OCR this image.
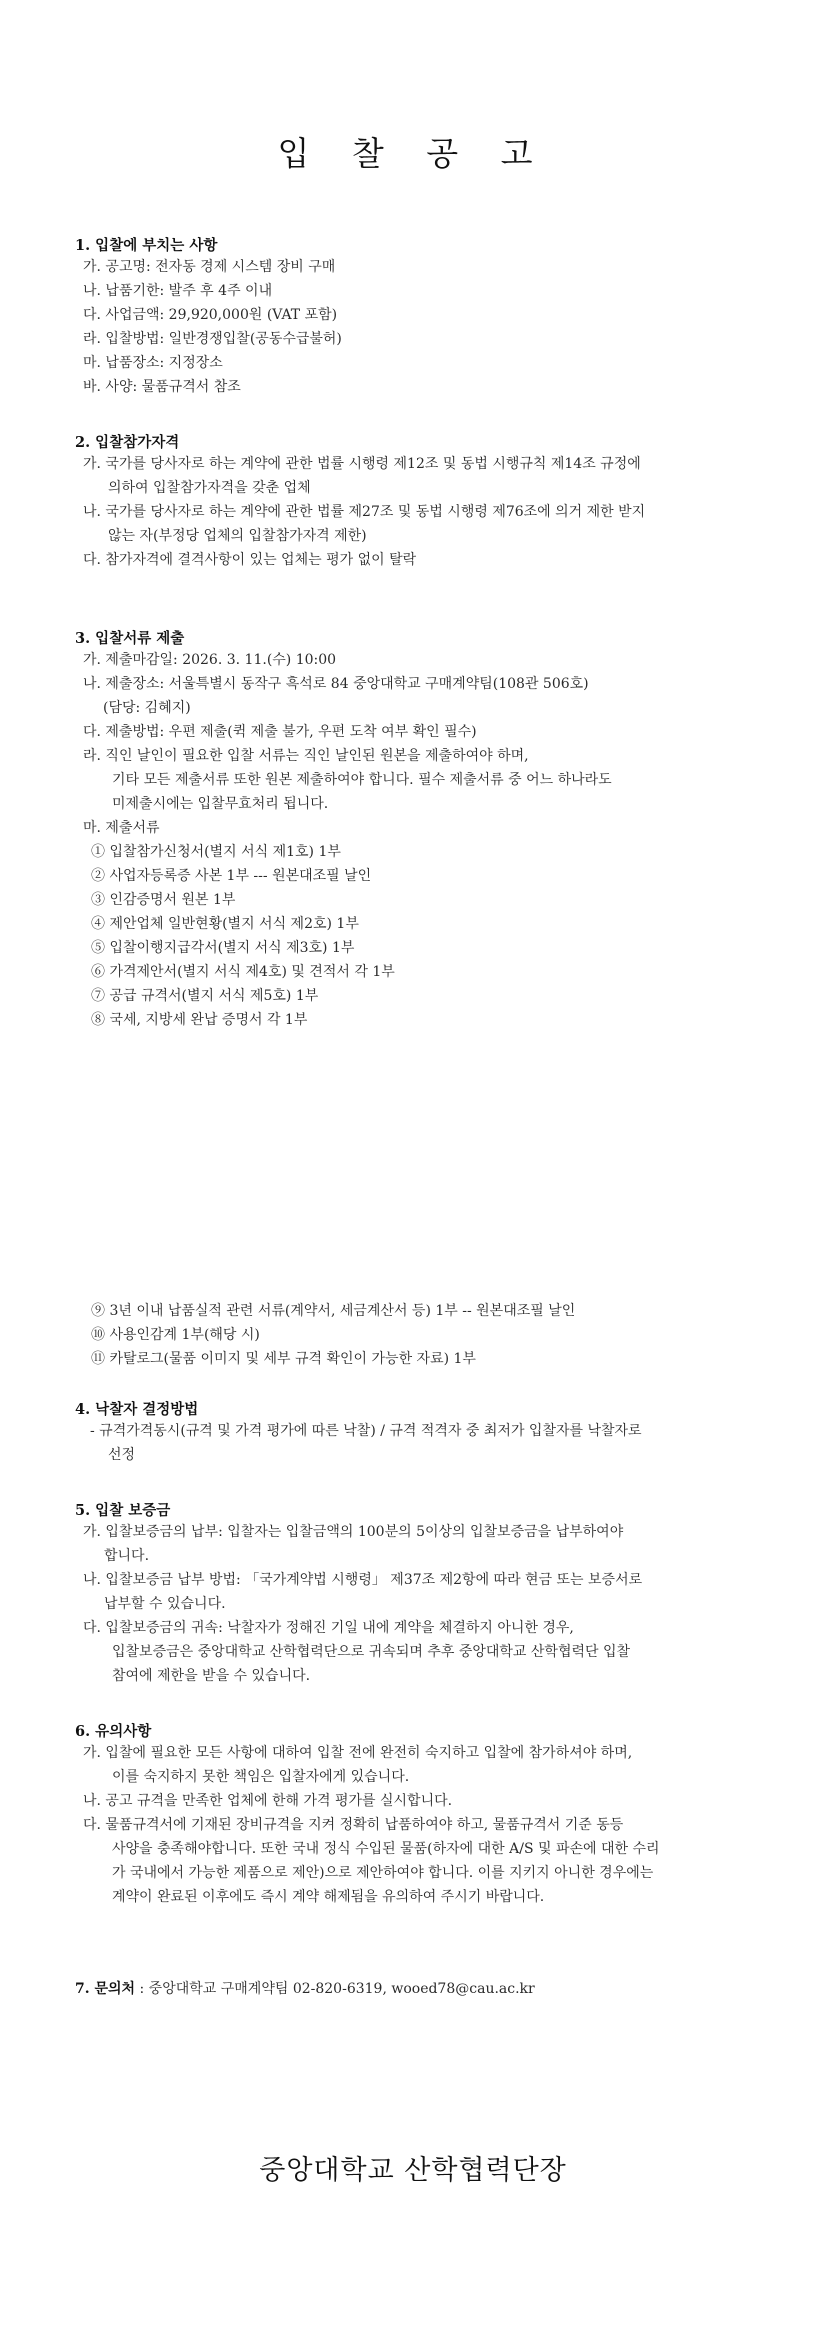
입 찰 공 고
1. 입찰에 부치는 사항
가. 공고명: 전자동 경제 시스템 장비 구매
나. 납품기한: 발주 후 4주 이내
다. 사업금액: 29,920,000원 (VAT 포함)
라. 입찰방법: 일반경쟁입찰(공동수급불허)
마. 납품장소: 지정장소
바. 사양: 물품규격서 참조
2. 입찰참가자격
가. 국가를 당사자로 하는 계약에 관한 법률 시행령 제12조 및 동법 시행규칙 제14조 규정에
의하여 입찰참가자격을 갖춘 업체
나. 국가를 당사자로 하는 계약에 관한 법률 제27조 및 동법 시행령 제76조에 의거 제한 받지
않는 자(부정당 업체의 입찰참가자격 제한)
다. 참가자격에 결격사항이 있는 업체는 평가 없이 탈락
3. 입찰서류 제출
가. 제출마감일: 2026. 3. 11.(수) 10:00
나. 제출장소: 서울특별시 동작구 흑석로 84 중앙대학교 구매계약팀(108관 506호)
(담당: 김혜지)
다. 제출방법: 우편 제출(퀵 제출 불가, 우편 도착 여부 확인 필수)
라. 직인 날인이 필요한 입찰 서류는 직인 날인된 원본을 제출하여야 하며,
기타 모든 제출서류 또한 원본 제출하여야 합니다. 필수 제출서류 중 어느 하나라도
미제출시에는 입찰무효처리 됩니다.
마. 제출서류
① 입찰참가신청서(별지 서식 제1호) 1부
② 사업자등록증 사본 1부 --- 원본대조필 날인
③ 인감증명서 원본 1부
④ 제안업체 일반현황(별지 서식 제2호) 1부
⑤ 입찰이행지급각서(별지 서식 제3호) 1부
⑥ 가격제안서(별지 서식 제4호) 및 견적서 각 1부
⑦ 공급 규격서(별지 서식 제5호) 1부
⑧ 국세, 지방세 완납 증명서 각 1부
⑨ 3년 이내 납품실적 관련 서류(계약서, 세금계산서 등) 1부 -- 원본대조필 날인
⑩ 사용인감계 1부(해당 시)
⑪ 카탈로그(물품 이미지 및 세부 규격 확인이 가능한 자료) 1부
4. 낙찰자 결정방법
- 규격가격동시(규격 및 가격 평가에 따른 낙찰) / 규격 적격자 중 최저가 입찰자를 낙찰자로
선정
5. 입찰 보증금
가. 입찰보증금의 납부: 입찰자는 입찰금액의 100분의 5이상의 입찰보증금을 납부하여야
합니다.
나. 입찰보증금 납부 방법: 「국가계약법 시행령」 제37조 제2항에 따라 현금 또는 보증서로
납부할 수 있습니다.
다. 입찰보증금의 귀속: 낙찰자가 정해진 기일 내에 계약을 체결하지 아니한 경우,
입찰보증금은 중앙대학교 산학협력단으로 귀속되며 추후 중앙대학교 산학협력단 입찰
참여에 제한을 받을 수 있습니다.
6. 유의사항
가. 입찰에 필요한 모든 사항에 대하여 입찰 전에 완전히 숙지하고 입찰에 참가하셔야 하며,
이를 숙지하지 못한 책임은 입찰자에게 있습니다.
나. 공고 규격을 만족한 업체에 한해 가격 평가를 실시합니다.
다. 물품규격서에 기재된 장비규격을 지켜 정확히 납품하여야 하고, 물품규격서 기준 동등
사양을 충족해야합니다. 또한 국내 정식 수입된 물품(하자에 대한 A/S 및 파손에 대한 수리
가 국내에서 가능한 제품으로 제안)으로 제안하여야 합니다. 이를 지키지 아니한 경우에는
계약이 완료된 이후에도 즉시 계약 해제됨을 유의하여 주시기 바랍니다.
7. 문의처 : 중앙대학교 구매계약팀 02-820-6319, wooed78@cau.ac.kr
중앙대학교 산학협력단장
